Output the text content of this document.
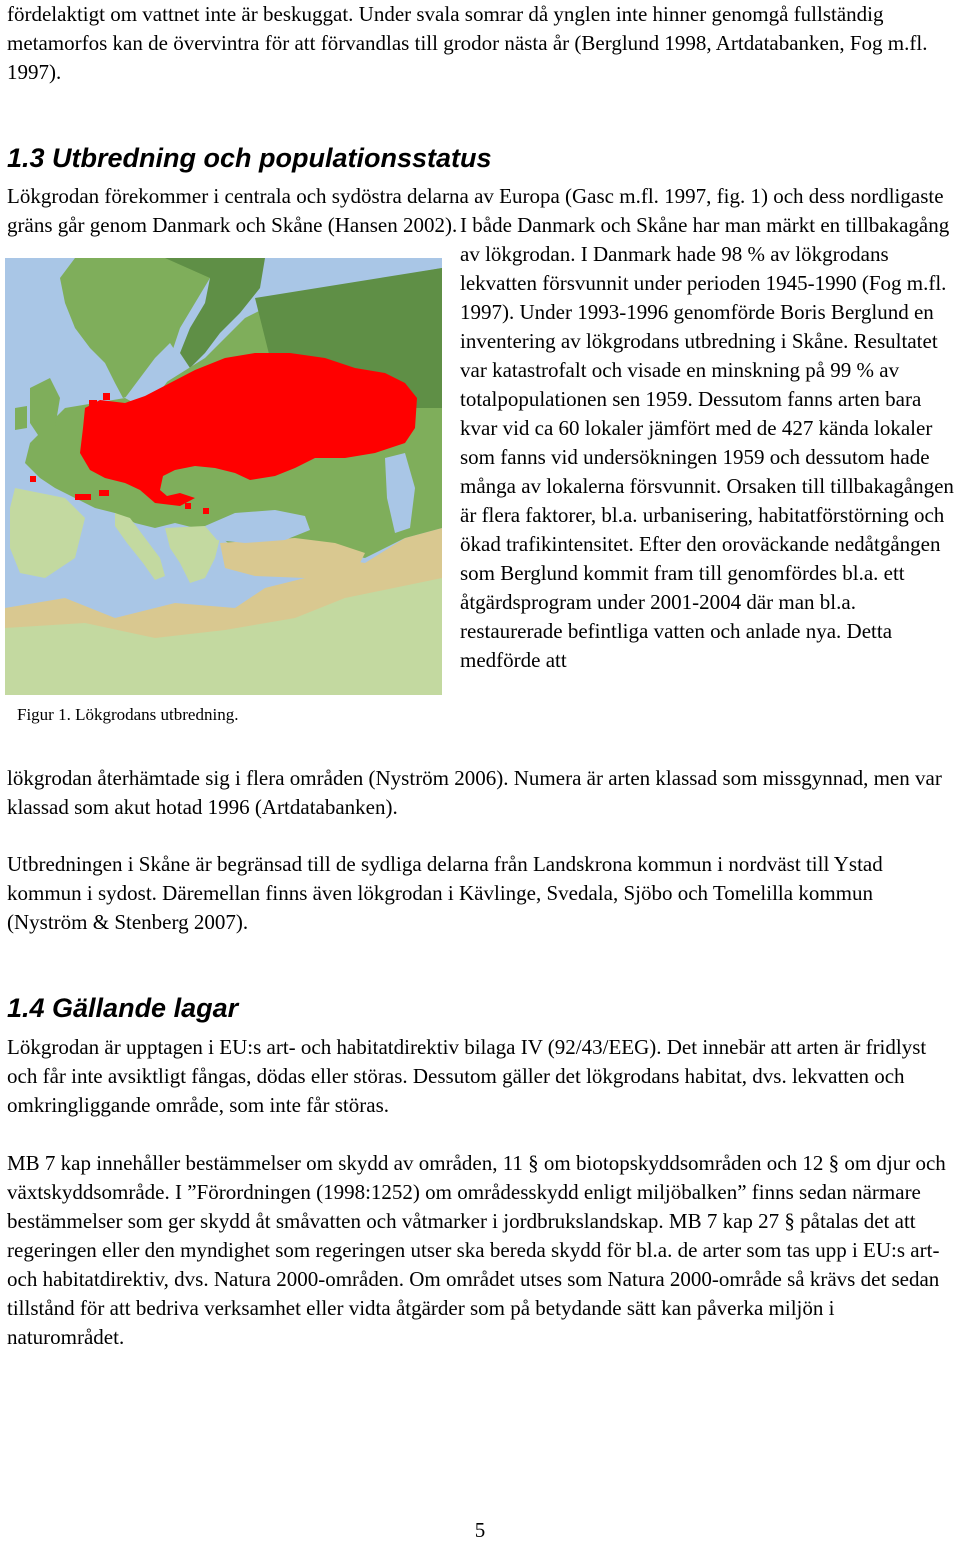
fördelaktigt om vattnet inte är beskuggat. Under svala somrar då ynglen inte hinner genomgå fullständig metamorfos kan de övervintra för att förvandlas till grodor nästa år (Berglund 1998, Artdatabanken, Fog m.fl. 1997).

1.3 Utbredning och populationsstatus

Lökgrodan förekommer i centrala och sydöstra delarna av Europa (Gasc m.fl. 1997, fig. 1) och dess nordligaste gräns går genom Danmark och Skåne (Hansen 2002).

Figur 1. Lökgrodans utbredning.

I både Danmark och Skåne har man märkt en tillbakagång av lökgrodan. I Danmark hade 98 % av lökgrodans lekvatten försvunnit under perioden 1945-1990 (Fog m.fl. 1997). Under 1993-1996 genomförde Boris Berglund en inventering av lökgrodans utbredning i Skåne. Resultatet var katastrofalt och visade en minskning på 99 % av totalpopulationen sen 1959. Dessutom fanns arten bara kvar vid ca 60 lokaler jämfört med de 427 kända lokaler som fanns vid undersökningen 1959 och dessutom hade många av lokalerna försvunnit. Orsaken till tillbakagången är flera faktorer, bl.a. urbanisering, habitatförstörning och ökad trafikintensitet. Efter den oroväckande nedåtgången som Berglund kommit fram till genomfördes bl.a. ett åtgärdsprogram under 2001-2004 där man bl.a. restaurerade befintliga vatten och anlade nya. Detta medförde att

lökgrodan återhämtade sig i flera områden (Nyström 2006). Numera är arten klassad som missgynnad, men var klassad som akut hotad 1996 (Artdatabanken).

Utbredningen i Skåne är begränsad till de sydliga delarna från Landskrona kommun i nordväst till Ystad kommun i sydost. Däremellan finns även lökgrodan i Kävlinge, Svedala, Sjöbo och Tomelilla kommun (Nyström & Stenberg 2007).

1.4 Gällande lagar

Lökgrodan är upptagen i EU:s art- och habitatdirektiv bilaga IV (92/43/EEG). Det innebär att arten är fridlyst och får inte avsiktligt fångas, dödas eller störas. Dessutom gäller det lökgrodans habitat, dvs. lekvatten och omkringliggande område, som inte får störas.

MB 7 kap innehåller bestämmelser om skydd av områden, 11 § om biotopskyddsområden och 12 § om djur och växtskyddsområde. I ”Förordningen (1998:1252) om områdesskydd enligt miljöbalken” finns sedan närmare bestämmelser som ger skydd åt småvatten och våtmarker i jordbrukslandskap. MB 7 kap 27 § påtalas det att regeringen eller den myndighet som regeringen utser ska bereda skydd för bl.a. de arter som tas upp i EU:s art- och habitatdirektiv, dvs. Natura 2000-områden. Om området utses som Natura 2000-område så krävs det sedan tillstånd för att bedriva verksamhet eller vidta åtgärder som på betydande sätt kan påverka miljön i naturområdet.

5
